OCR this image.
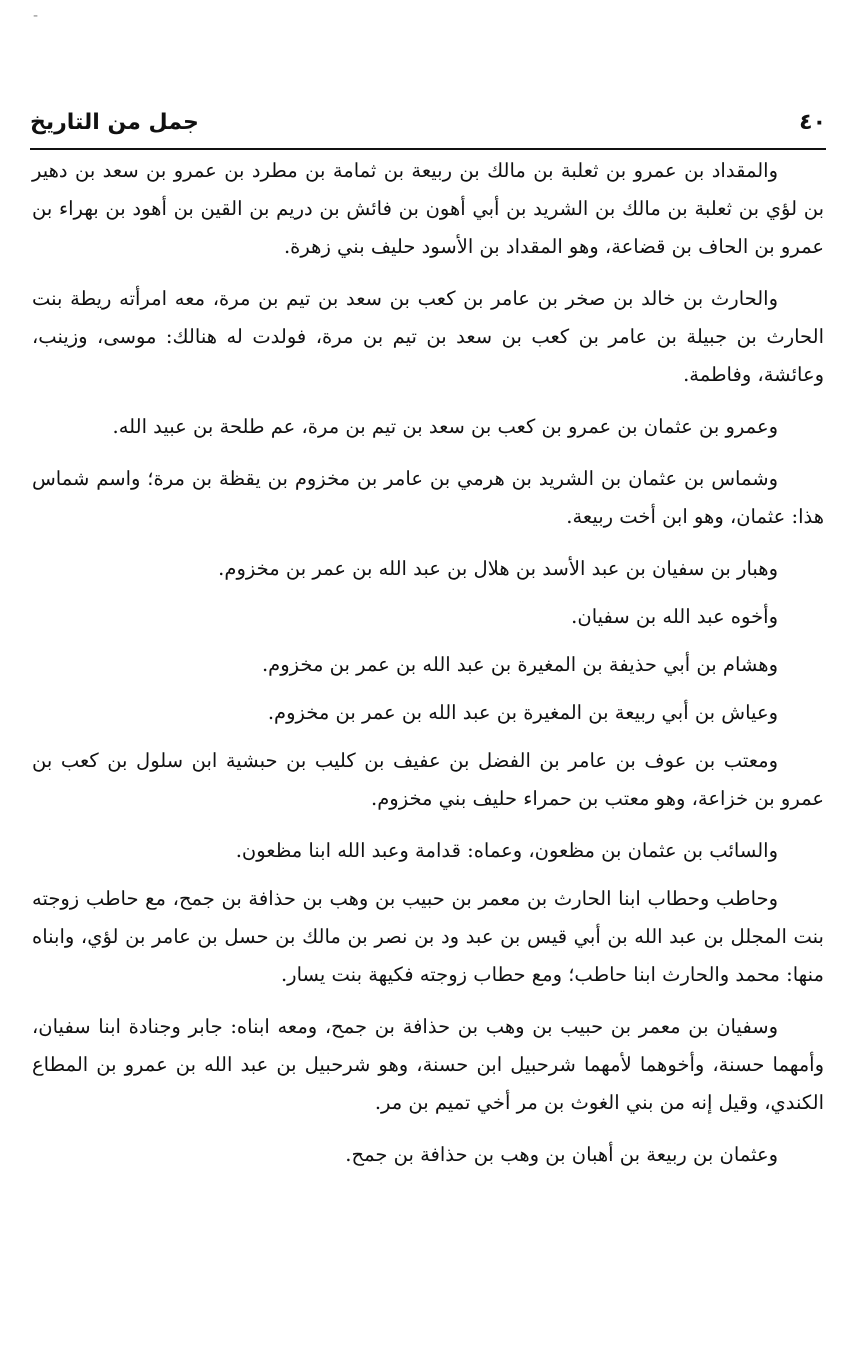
-
٤٠
جمل من التاريخ

والمقداد بن عمرو بن ثعلبة بن مالك بن ربيعة بن ثمامة بن مطرد بن عمرو بن سعد بن دهير بن لؤي بن ثعلبة بن مالك بن الشريد بن أبي أهون بن فائش بن دريم بن القين بن أهود بن بهراء بن عمرو بن الحاف بن قضاعة، وهو المقداد بن الأسود حليف بني زهرة.

والحارث بن خالد بن صخر بن عامر بن كعب بن سعد بن تيم بن مرة، معه امرأته ريطة بنت الحارث بن جبيلة بن عامر بن كعب بن سعد بن تيم بن مرة، فولدت له هنالك: موسى، وزينب، وعائشة، وفاطمة.

وعمرو بن عثمان بن عمرو بن كعب بن سعد بن تيم بن مرة، عم طلحة بن عبيد الله.

وشماس بن عثمان بن الشريد بن هرمي بن عامر بن مخزوم بن يقظة بن مرة؛ واسم شماس هذا: عثمان، وهو ابن أخت ربيعة.

وهبار بن سفيان بن عبد الأسد بن هلال بن عبد الله بن عمر بن مخزوم.

وأخوه عبد الله بن سفيان.

وهشام بن أبي حذيفة بن المغيرة بن عبد الله بن عمر بن مخزوم.

وعياش بن أبي ربيعة بن المغيرة بن عبد الله بن عمر بن مخزوم.

ومعتب بن عوف بن عامر بن الفضل بن عفيف بن كليب بن حبشية ابن سلول بن كعب بن عمرو بن خزاعة، وهو معتب بن حمراء حليف بني مخزوم.

والسائب بن عثمان بن مظعون، وعماه: قدامة وعبد الله ابنا مظعون.

وحاطب وحطاب ابنا الحارث بن معمر بن حبيب بن وهب بن حذافة بن جمح، مع حاطب زوجته بنت المجلل بن عبد الله بن أبي قيس بن عبد ود بن نصر بن مالك بن حسل بن عامر بن لؤي، وابناه منها: محمد والحارث ابنا حاطب؛ ومع حطاب زوجته فكيهة بنت يسار.

وسفيان بن معمر بن حبيب بن وهب بن حذافة بن جمح، ومعه ابناه: جابر وجنادة ابنا سفيان، وأمهما حسنة، وأخوهما لأمهما شرحبيل ابن حسنة، وهو شرحبيل بن عبد الله بن عمرو بن المطاع الكندي، وقيل إنه من بني الغوث بن مر أخي تميم بن مر.

وعثمان بن ربيعة بن أهبان بن وهب بن حذافة بن جمح.
